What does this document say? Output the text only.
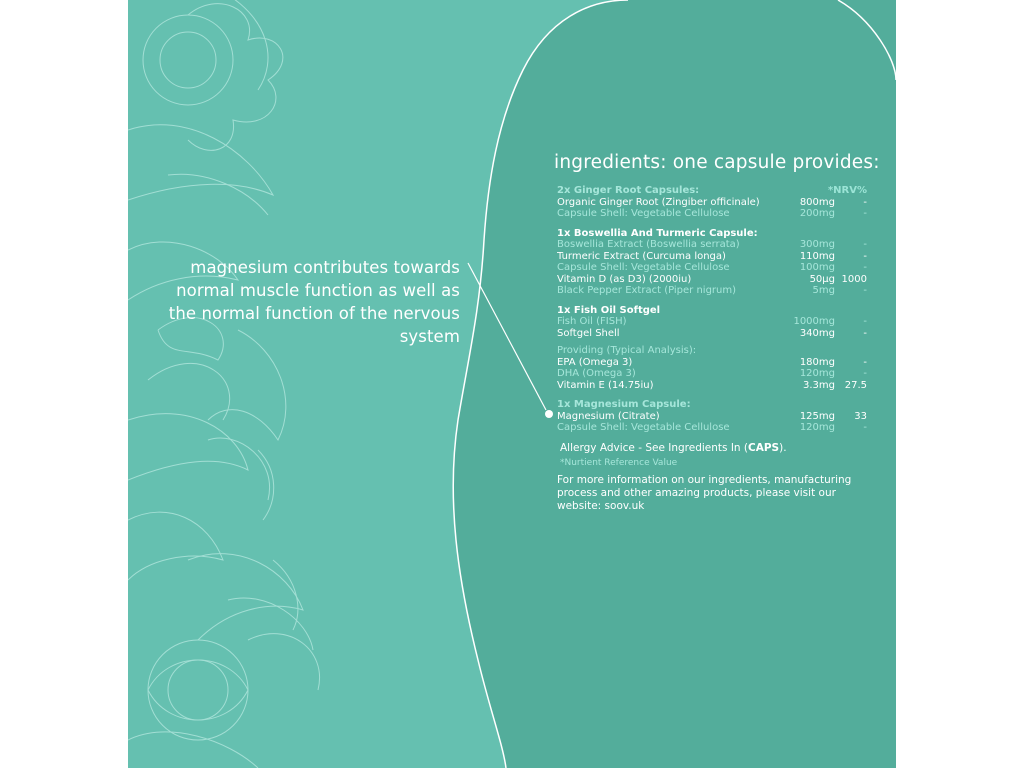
magnesium contributes towards normal muscle function as well as the normal function of the nervous system
ingredients: one capsule provides:
2x Ginger Root Capsules:	*NRV%
Organic Ginger Root (Zingiber officinale)	800mg	-
Capsule Shell: Vegetable Cellulose	200mg	-
1x Boswellia And Turmeric Capsule:
Boswellia Extract (Boswellia serrata)	300mg	-
Turmeric Extract (Curcuma longa)	110mg	-
Capsule Shell: Vegetable Cellulose	100mg	-
Vitamin D (as D3) (2000iu)	50µg 1000
Black Pepper Extract (Piper nigrum)	5mg	-
1x Fish Oil Softgel
Fish Oil (FISH)	1000mg	-
Softgel Shell	340mg	-
Providing (Typical Analysis):
EPA (Omega 3)	180mg	-
DHA (Omega 3)	120mg	-
Vitamin E (14.75iu)	3.3mg 27.5
1x Magnesium Capsule:
Magnesium (Citrate)	125mg	33
Capsule Shell: Vegetable Cellulose	120mg	-
Allergy Advice - See Ingredients In (CAPS).
*Nurtient Reference Value
For more information on our ingredients, manufacturing process and other amazing products, please visit our website: soov.uk
